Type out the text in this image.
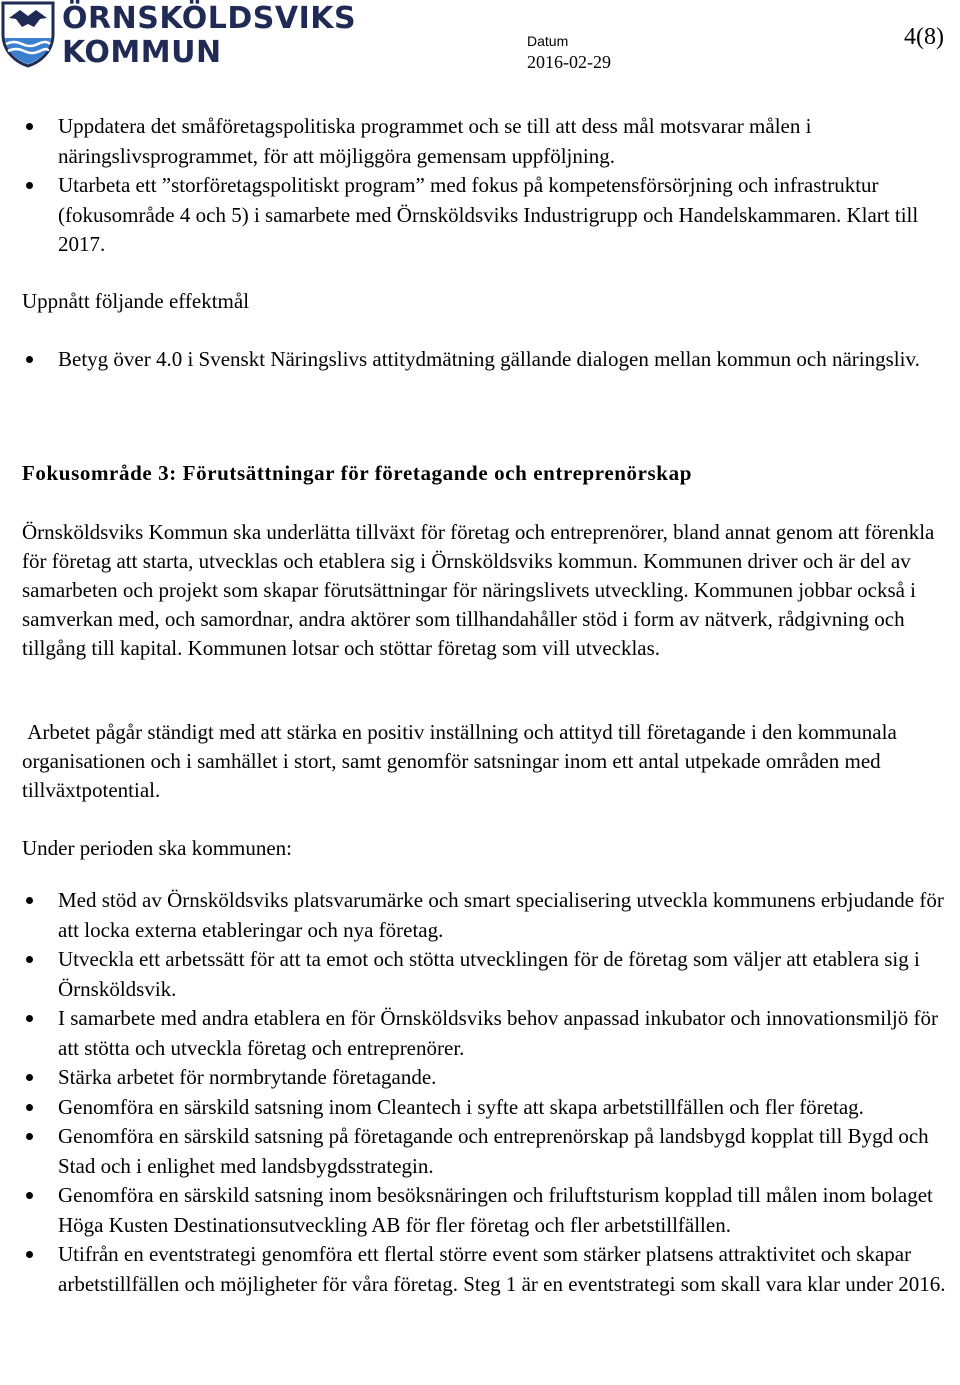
ÖRNSKÖLDSVIKS
KOMMUN	Datum
2016-02-29
4(8)
Uppdatera det småföretagspolitiska programmet och se till att dess mål motsvarar målen i näringslivsprogrammet, för att möjliggöra gemensam uppföljning.
Utarbeta ett ”storföretagspolitiskt program” med fokus på kompetensförsörjning och infrastruktur (fokusområde 4 och 5) i samarbete med Örnsköldsviks Industrigrupp och Handelskammaren. Klart till 2017.
Uppnått följande effektmål
Betyg över 4.0 i Svenskt Näringslivs attitydmätning gällande dialogen mellan kommun och näringsliv.
Fokusområde 3: Förutsättningar för företagande och entreprenörskap

Örnsköldsviks Kommun ska underlätta tillväxt för företag och entreprenörer, bland annat genom att förenkla för företag att starta, utvecklas och etablera sig i Örnsköldsviks kommun. Kommunen driver och är del av samarbeten och projekt som skapar förutsättningar för näringslivets utveckling. Kommunen jobbar också i samverkan med, och samordnar, andra aktörer som tillhandahåller stöd i form av nätverk, rådgivning och tillgång till kapital. Kommunen lotsar och stöttar företag som vill utvecklas.

Arbetet pågår ständigt med att stärka en positiv inställning och attityd till företagande i den kommunala organisationen och i samhället i stort, samt genomför satsningar inom ett antal utpekade områden med tillväxtpotential.

Under perioden ska kommunen:
Med stöd av Örnsköldsviks platsvarumärke och smart specialisering utveckla kommunens erbjudande för att locka externa etableringar och nya företag.
Utveckla ett arbetssätt för att ta emot och stötta utvecklingen för de företag som väljer att etablera sig i Örnsköldsvik.
I samarbete med andra etablera en för Örnsköldsviks behov anpassad inkubator och innovationsmiljö för att stötta och utveckla företag och entreprenörer.
Stärka arbetet för normbrytande företagande.
Genomföra en särskild satsning inom Cleantech i syfte att skapa arbetstillfällen och fler företag.
Genomföra en särskild satsning på företagande och entreprenörskap på landsbygd kopplat till Bygd och Stad och i enlighet med landsbygdsstrategin.
Genomföra en särskild satsning inom besöksnäringen och friluftsturism kopplad till målen inom bolaget Höga Kusten Destinationsutveckling AB för fler företag och fler arbetstillfällen.
Utifrån en eventstrategi genomföra ett flertal större event som stärker platsens attraktivitet och skapar arbetstillfällen och möjligheter för våra företag. Steg 1 är en eventstrategi som skall vara klar under 2016.
